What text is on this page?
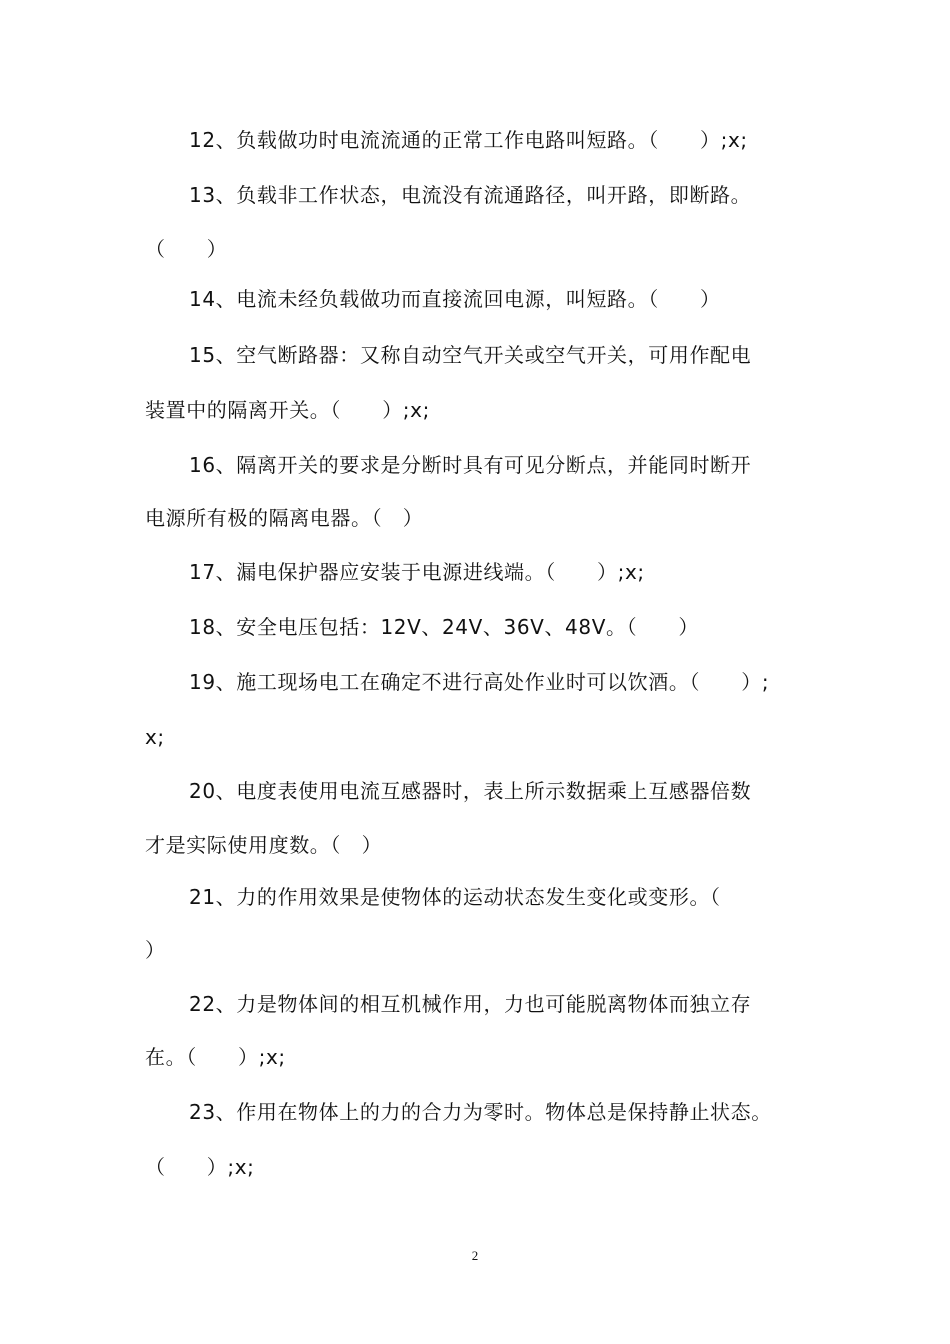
12、负载做功时电流流通的正常工作电路叫短路。（　　）;x;
13、负载非工作状态，电流没有流通路径，叫开路，即断路。
（　　）
14、电流未经负载做功而直接流回电源，叫短路。（　　）
15、空气断路器：又称自动空气开关或空气开关，可用作配电
装置中的隔离开关。（　　）;x;
16、隔离开关的要求是分断时具有可见分断点，并能同时断开
电源所有极的隔离电器。（　）
17、漏电保护器应安装于电源进线端。（　　）;x;
18、安全电压包括：12V、24V、36V、48V。（　　）
19、施工现场电工在确定不进行高处作业时可以饮酒。（　　）;
x;
20、电度表使用电流互感器时，表上所示数据乘上互感器倍数
才是实际使用度数。（　）
21、力的作用效果是使物体的运动状态发生变化或变形。（
）
22、力是物体间的相互机械作用，力也可能脱离物体而独立存
在。（　　）;x;
23、作用在物体上的力的合力为零时。物体总是保持静止状态。
（　　）;x;
2
